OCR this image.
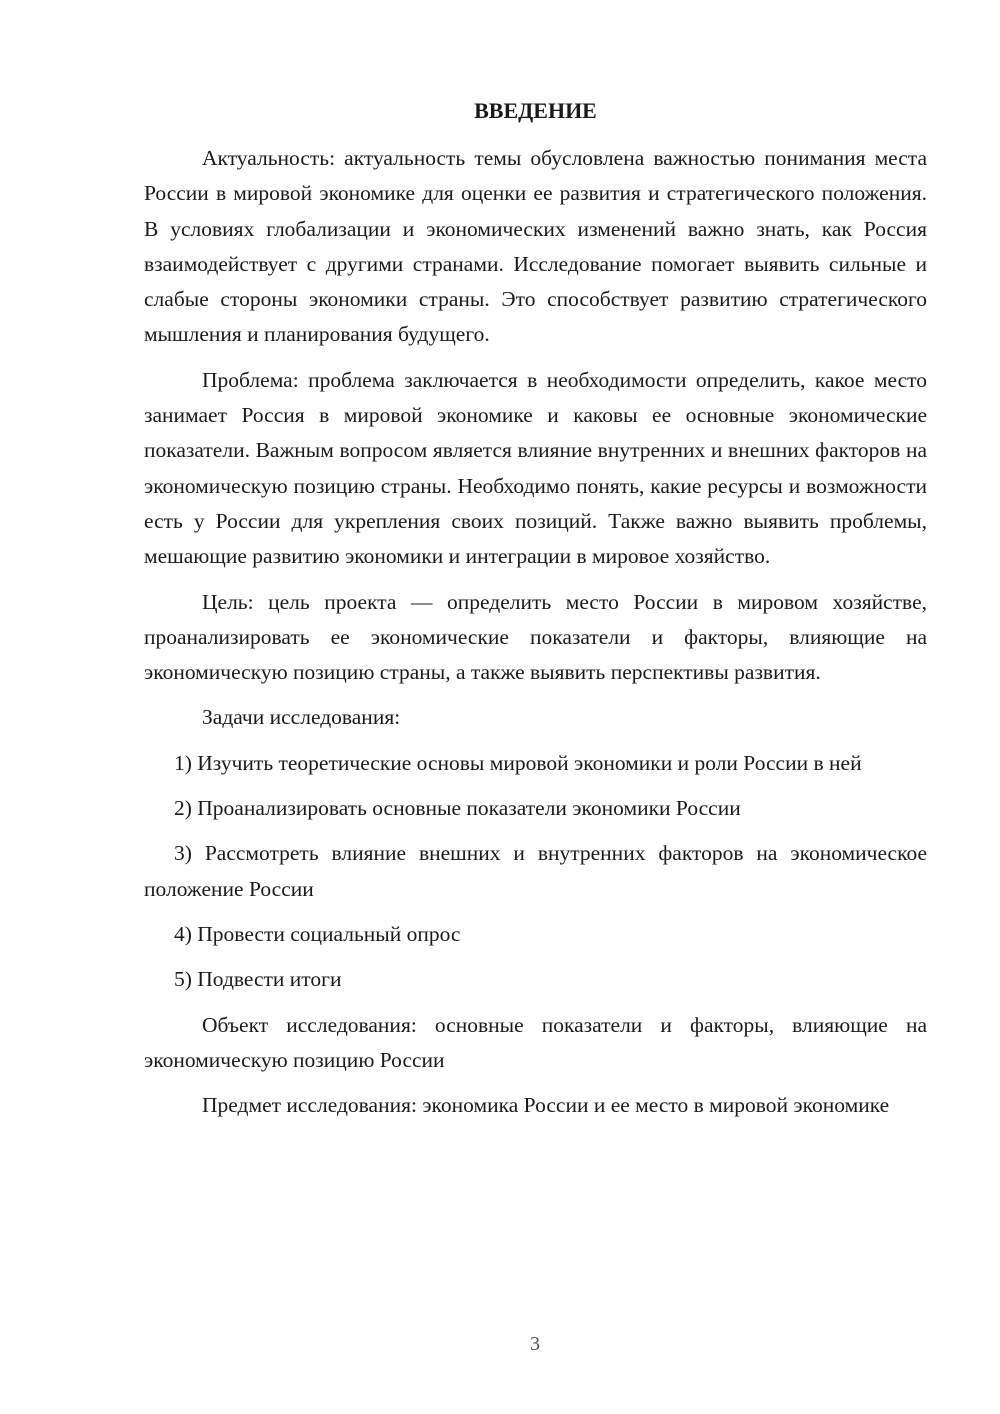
ВВЕДЕНИЕ

Актуальность: актуальность темы обусловлена важностью понимания места России в мировой экономике для оценки ее развития и стратегического положения. В условиях глобализации и экономических изменений важно знать, как Россия взаимодействует с другими странами. Исследование помогает выявить сильные и слабые стороны экономики страны. Это способствует развитию стратегического мышления и планирования будущего.

Проблема: проблема заключается в необходимости определить, какое место занимает Россия в мировой экономике и каковы ее основные экономические показатели. Важным вопросом является влияние внутренних и внешних факторов на экономическую позицию страны. Необходимо понять, какие ресурсы и возможности есть у России для укрепления своих позиций. Также важно выявить проблемы, мешающие развитию экономики и интеграции в мировое хозяйство.

Цель: цель проекта — определить место России в мировом хозяйстве, проанализировать ее экономические показатели и факторы, влияющие на экономическую позицию страны, а также выявить перспективы развития.

Задачи исследования:

1) Изучить теоретические основы мировой экономики и роли России в ней

2) Проанализировать основные показатели экономики России

3) Рассмотреть влияние внешних и внутренних факторов на экономическое положение России

4) Провести социальный опрос

5) Подвести итоги

Объект исследования: основные показатели и факторы, влияющие на экономическую позицию России

Предмет исследования: экономика России и ее место в мировой экономике

3
